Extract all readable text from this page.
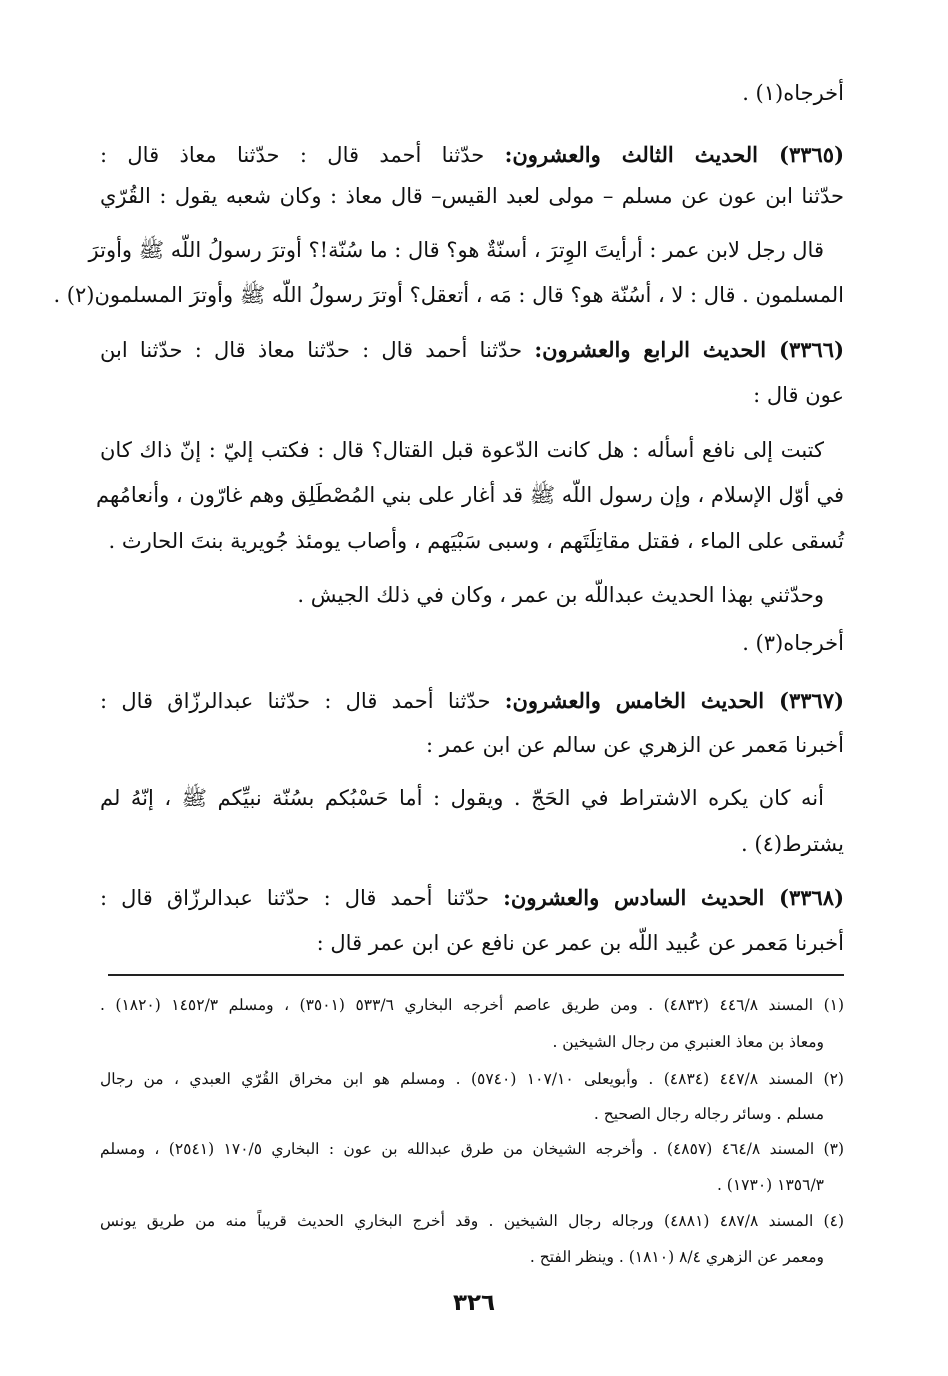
أخرجاه(١) .
(٣٣٦٥) الحديث الثالث والعشرون: حدّثنا أحمد قال : حدّثنا معاذ قال :
حدّثنا ابن عون عن مسلم – مولى لعبد القيس– قال معاذ : وكان شعبه يقول : القُرّي
قال رجل لابن عمر : أرأيتَ الوِترَ ، أسنّةٌ هو؟ قال : ما سُنّة!؟ أوترَ رسولُ اللّه ﷺ وأوترَ
المسلمون . قال : لا ، أسُنّة هو؟ قال : مَه ، أتعقل؟ أوترَ رسولُ اللّه ﷺ وأوترَ المسلمون(٢) .
(٣٣٦٦) الحديث الرابع والعشرون: حدّثنا أحمد قال : حدّثنا معاذ قال : حدّثنا ابن
عون قال :
كتبت إلى نافع أسأله : هل كانت الدّعوة قبل القتال؟ قال : فكتب إليّ : إنّ ذاك كان
في أوّل الإسلام ، وإن رسول اللّه ﷺ قد أغار على بني المُصْطَلِق وهم غارّون ، وأنعامُهم
تُسقى على الماء ، فقتل مقاتِلَتَهم ، وسبى سَبْيَهم ، وأصاب يومئذ جُويرية بنتَ الحارث .
وحدّثني بهذا الحديث عبداللّه بن عمر ، وكان في ذلك الجيش .
أخرجاه(٣) .
(٣٣٦٧) الحديث الخامس والعشرون: حدّثنا أحمد قال : حدّثنا عبدالرزّاق قال :
أخبرنا مَعمر عن الزهري عن سالم عن ابن عمر :
أنه كان يكره الاشتراط في الحَجّ . ويقول : أما حَسْبُكم بسُنّة نبيِّكم ﷺ ، إنّهُ لم
يشترط(٤) .
(٣٣٦٨) الحديث السادس والعشرون: حدّثنا أحمد قال : حدّثنا عبدالرزّاق قال :
أخبرنا مَعمر عن عُبيد اللّه بن عمر عن نافع عن ابن عمر قال :
(١) المسند ٤٤٦/٨ (٤٨٣٢) . ومن طريق عاصم أخرجه البخاري ٥٣٣/٦ (٣٥٠١) ، ومسلم ١٤٥٢/٣ (١٨٢٠) .
ومعاذ بن معاذ العنبري من رجال الشيخين .
(٢) المسند ٤٤٧/٨ (٤٨٣٤) . وأبويعلى ١٠٧/١٠ (٥٧٤٠) . ومسلم هو ابن مخراق القُرّي العبدي ، من رجال
مسلم . وسائر رجاله رجال الصحيح .
(٣) المسند ٤٦٤/٨ (٤٨٥٧) . وأخرجه الشيخان من طرق عبدالله بن عون : البخاري ١٧٠/٥ (٢٥٤١) ، ومسلم
١٣٥٦/٣ (١٧٣٠) .
(٤) المسند ٤٨٧/٨ (٤٨٨١) ورجاله رجال الشيخين . وقد أخرج البخاري الحديث قريباً منه من طريق يونس
ومعمر عن الزهري ٨/٤ (١٨١٠) . وينظر الفتح .
٣٢٦
